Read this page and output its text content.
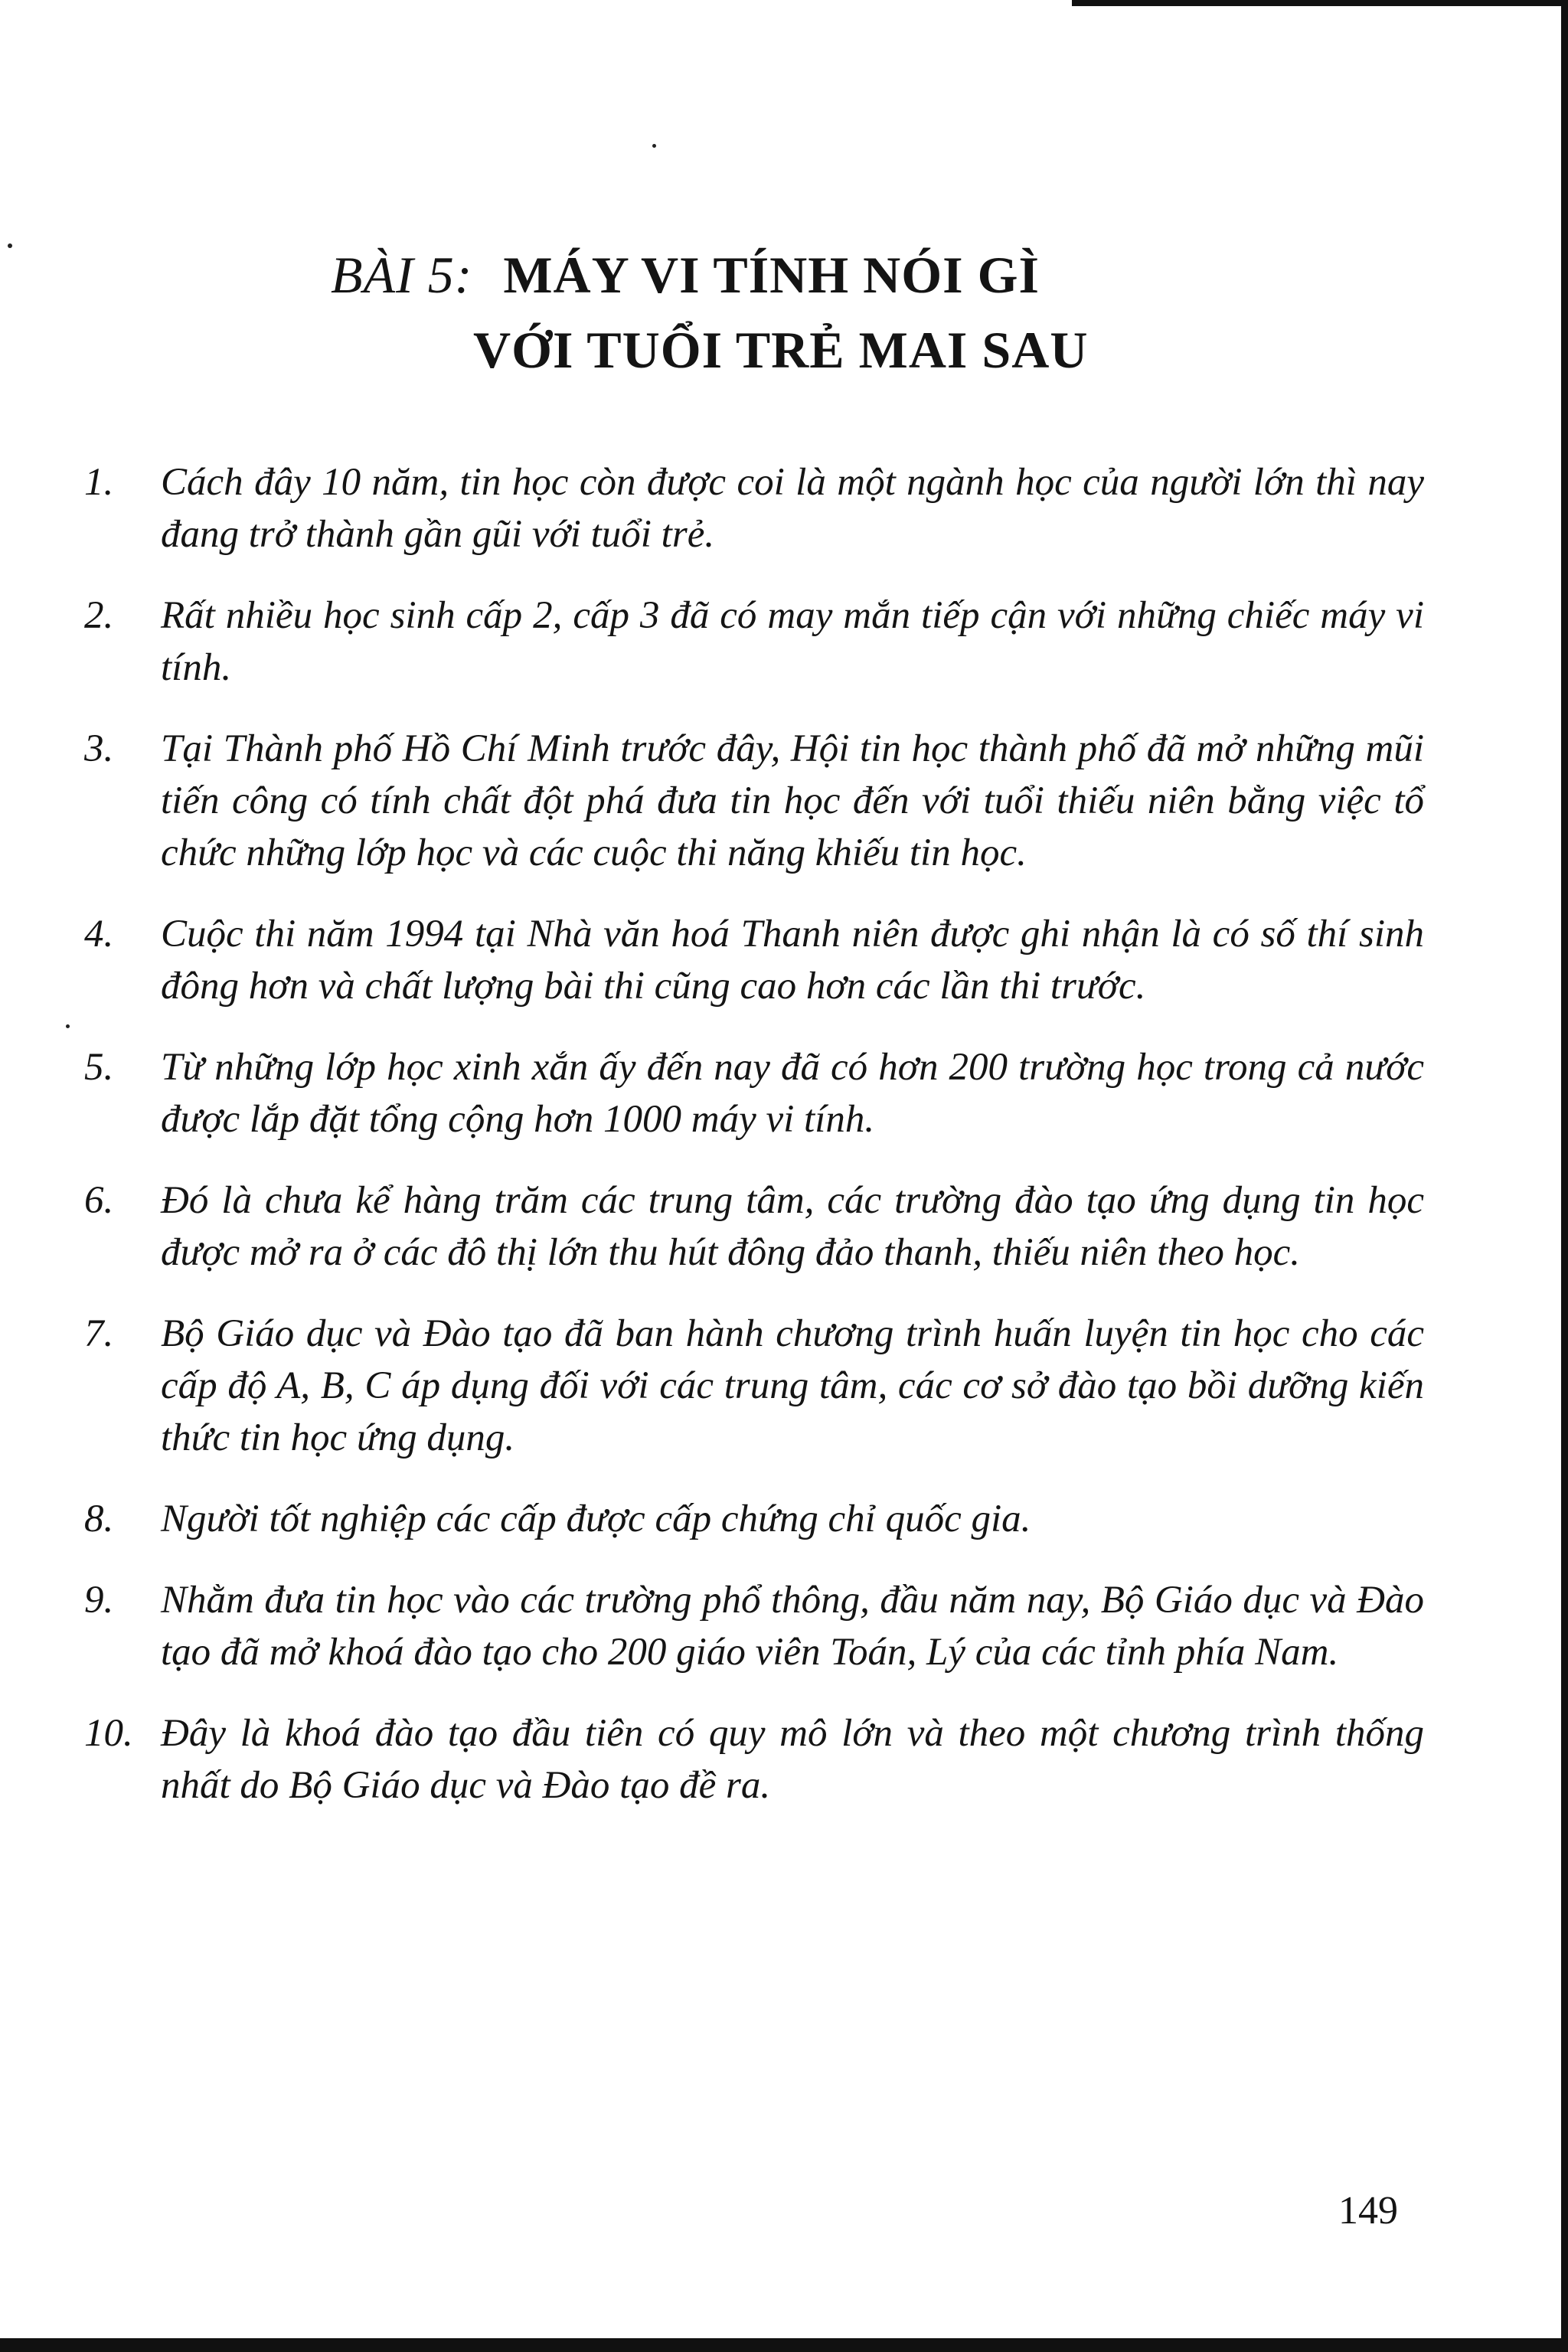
BÀI 5: MÁY VI TÍNH NÓI GÌ
VỚI TUỔI TRẺ MAI SAU
1.	Cách đây 10 năm, tin học còn được coi là một ngành học của người lớn thì nay đang trở thành gần gũi với tuổi trẻ.
2.	Rất nhiều học sinh cấp 2, cấp 3 đã có may mắn tiếp cận với những chiếc máy vi tính.
3.	Tại Thành phố Hồ Chí Minh trước đây, Hội tin học thành phố đã mở những mũi tiến công có tính chất đột phá đưa tin học đến với tuổi thiếu niên bằng việc tổ chức những lớp học và các cuộc thi năng khiếu tin học.
4.	Cuộc thi năm 1994 tại Nhà văn hoá Thanh niên được ghi nhận là có số thí sinh đông hơn và chất lượng bài thi cũng cao hơn các lần thi trước.
5.	Từ những lớp học xinh xắn ấy đến nay đã có hơn 200 trường học trong cả nước được lắp đặt tổng cộng hơn 1000 máy vi tính.
6.	Đó là chưa kể hàng trăm các trung tâm, các trường đào tạo ứng dụng tin học được mở ra ở các đô thị lớn thu hút đông đảo thanh, thiếu niên theo học.
7.	Bộ Giáo dục và Đào tạo đã ban hành chương trình huấn luyện tin học cho các cấp độ A, B, C áp dụng đối với các trung tâm, các cơ sở đào tạo bồi dưỡng kiến thức tin học ứng dụng.
8.	Người tốt nghiệp các cấp được cấp chứng chỉ quốc gia.
9.	Nhằm đưa tin học vào các trường phổ thông, đầu năm nay, Bộ Giáo dục và Đào tạo đã mở khoá đào tạo cho 200 giáo viên Toán, Lý của các tỉnh phía Nam.
10. Đây là khoá đào tạo đầu tiên có quy mô lớn và theo một chương trình thống nhất do Bộ Giáo dục và Đào tạo đề ra.
149
